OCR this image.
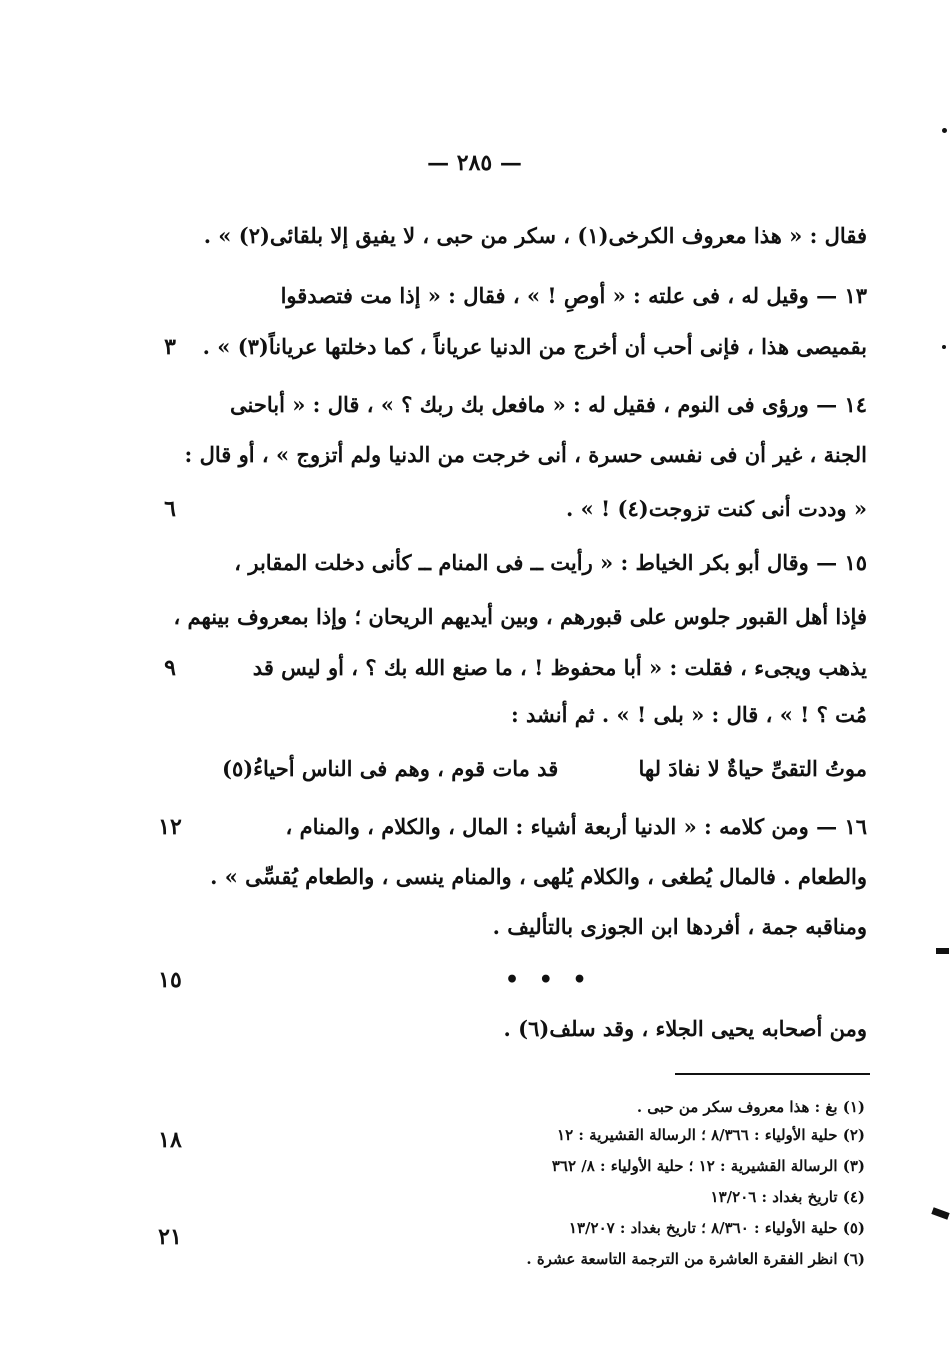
— ٢٨٥ —
فقال : « هذا معروف الكرخى(١) ، سكر من حبى ، لا يفيق إلا بلقائى(٢) » .
١٣ — وقيل له ، فى علته : « أوصِ ! » ، فقال : « إذا مت فتصدقوا
بقميصى هذا ، فإنى أحب أن أخرج من الدنيا عرياناً ، كما دخلتها عرياناً(٣) » .
١٤ — ورؤى فى النوم ، فقيل له : « مافعل بك ربك ؟ » ، قال : « أباحنى
الجنة ، غير أن فى نفسى حسرة ، أنى خرجت من الدنيا ولم أتزوج » ، أو قال :
« وددت أنى كنت تزوجت(٤) ! » .
١٥ — وقال أبو بكر الخياط : « رأيت ــ فى المنام ــ كأنى دخلت المقابر ،
فإذا أهل القبور جلوس على قبورهم ، وبين أيديهم الريحان ؛ وإذا بمعروف بينهم ،
يذهب ويجىء ، فقلت : « أبا محفوظ ! ، ما صنع الله بك ؟ ، أو ليس قد
مُت ؟ ! » ، قال : « بلى ! » . ثم أنشد :
موتُ التقىِّ حياةٌ لا نفادَ لها
قد مات قوم ، وهم فى الناس أحياءُ(٥)
١٦ — ومن كلامه : « الدنيا أربعة أشياء : المال ، والكلام ، والمنام ،
والطعام . فالمال يُطغى ، والكلام يُلهى ، والمنام ينسى ، والطعام يُقسِّى » .
ومناقبه جمة ، أفردها ابن الجوزى بالتأليف .
• • •
ومن أصحابه يحيى الجلاء ، وقد سلف(٦) .
٣
٦
٩
١٢
١٥
١٨
٢١
(١) بغ : هذا معروف سكر من حبى .
(٢) حلية الأولياء : ٨/٣٦٦ ؛ الرسالة القشيرية : ١٢
(٣) الرسالة القشيرية : ١٢ ؛ حلية الأولياء : ٨/ ٣٦٢
(٤) تاريخ بغداد : ١٣/٢٠٦
(٥) حلية الأولياء : ٨/٣٦٠ ؛ تاريخ بغداد : ١٣/٢٠٧
(٦) انظر الفقرة العاشرة من الترجمة التاسعة عشرة .
